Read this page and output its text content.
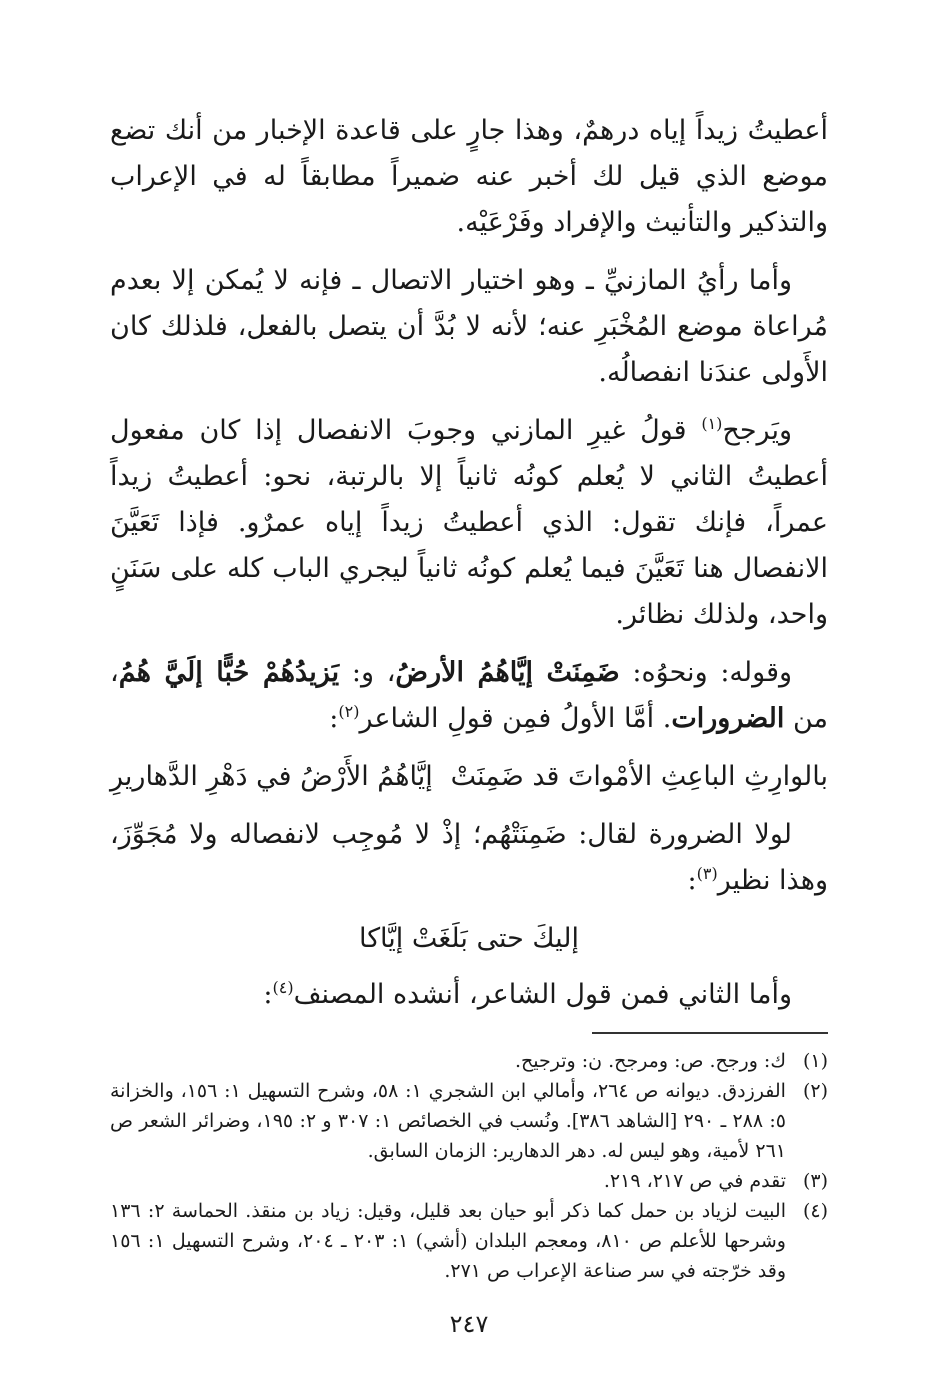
أعطيتُ زيداً إياه درهمٌ، وهذا جارٍ على قاعدة الإخبار من أنك تضع موضع الذي قيل لك أخبر عنه ضميراً مطابقاً له في الإعراب والتذكير والتأنيث والإفراد وفَرْعَيْه.

وأما رأيُ المازنيِّ ـ وهو اختيار الاتصال ـ فإنه لا يُمكن إلا بعدم مُراعاة موضع المُخْبَرِ عنه؛ لأنه لا بُدَّ أن يتصل بالفعل، فلذلك كان الأَولى عندَنا انفصالُه.

ويَرجح$^{(١)}$ قولُ غيرِ المازني وجوبَ الانفصال إذا كان مفعول أعطيتُ الثاني لا يُعلم كونُه ثانياً إلا بالرتبة، نحو: أعطيتُ زيداً عمراً، فإنك تقول: الذي أعطيتُ زيداً إياه عمرٌو. فإذا تَعَيَّنَ الانفصال هنا تَعَيَّنَ فيما يُعلم كونُه ثانياً ليجري الباب كله على سَنَنٍ واحد، ولذلك نظائر.

وقوله: ونحوُه: ضَمِنَتْ إيَّاهُمُ الأرضُ، و: يَزيدُهُمْ حُبًّا إلَيَّ هُمُ، من الضرورات. أمَّا الأولُ فمِن قولِ الشاعر$^{(٢)}$:

بالوارِثِ الباعِثِ الأمْواتَ قد ضَمِنَتْ
إيَّاهُمُ الأَرْضُ في دَهْرِ الدَّهاريرِ

لولا الضرورة لقال: ضَمِنَتْهُم؛ إذْ لا مُوجِب لانفصاله ولا مُجَوِّزَ، وهذا نظير$^{(٣)}$:

إليكَ حتى بَلَغَتْ إيَّاكا

وأما الثاني فمن قول الشاعر، أنشده المصنف$^{(٤)}$:

(١)
ك: ورجح. ص: ومرجح. ن: وترجيح.
(٢)
الفرزدق. ديوانه ص ٢٦٤، وأمالي ابن الشجري ١: ٥٨، وشرح التسهيل ١: ١٥٦، والخزانة ٥: ٢٨٨ ـ ٢٩٠ [الشاهد ٣٨٦]. ونُسب في الخصائص ١: ٣٠٧ و ٢: ١٩٥، وضرائر الشعر ص ٢٦١ لأمية، وهو ليس له. دهر الدهارير: الزمان السابق.
(٣)
تقدم في ص ٢١٧، ٢١٩.
(٤)
البيت لزياد بن حمل كما ذكر أبو حيان بعد قليل، وقيل: زياد بن منقذ. الحماسة ٢: ١٣٦ وشرحها للأعلم ص ٨١٠، ومعجم البلدان (أشي) ١: ٢٠٣ ـ ٢٠٤، وشرح التسهيل ١: ١٥٦ وقد خرّجته في سر صناعة الإعراب ص ٢٧١.
٢٤٧
